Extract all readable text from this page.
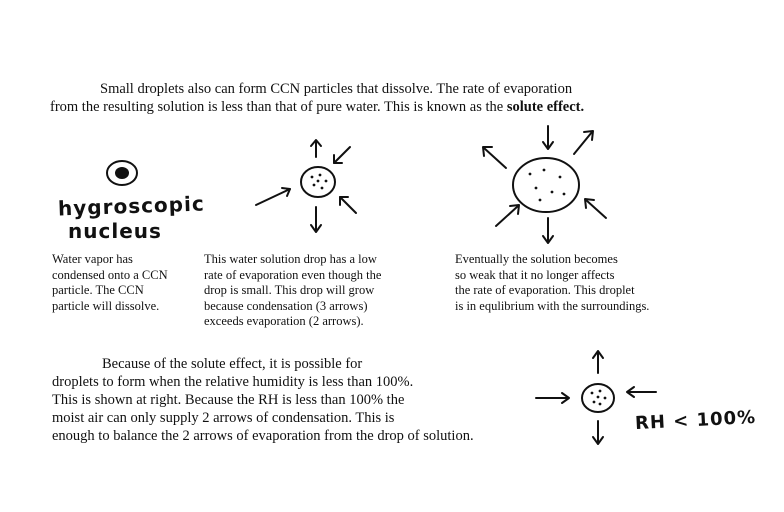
Small droplets also can form CCN particles that dissolve. The rate of evaporation
from the resulting solution is less than that of pure water. This is known as the solute effect.
hygroscopic
nucleus
Water vapor has
condensed onto a CCN
particle. The CCN
particle will dissolve.
This water solution drop has a low
rate of evaporation even though the
drop is small. This drop will grow
because condensation (3 arrows)
exceeds evaporation (2 arrows).
Eventually the solution becomes
so weak that it no longer affects
the rate of evaporation. This droplet
is in equlibrium with the surroundings.
Because of the solute effect, it is possible for
droplets to form when the relative humidity is less than 100%.
This is shown at right. Because the RH is less than 100% the
moist air can only supply 2 arrows of condensation. This is
enough to balance the 2 arrows of evaporation from the drop of solution.
RH < 100%
